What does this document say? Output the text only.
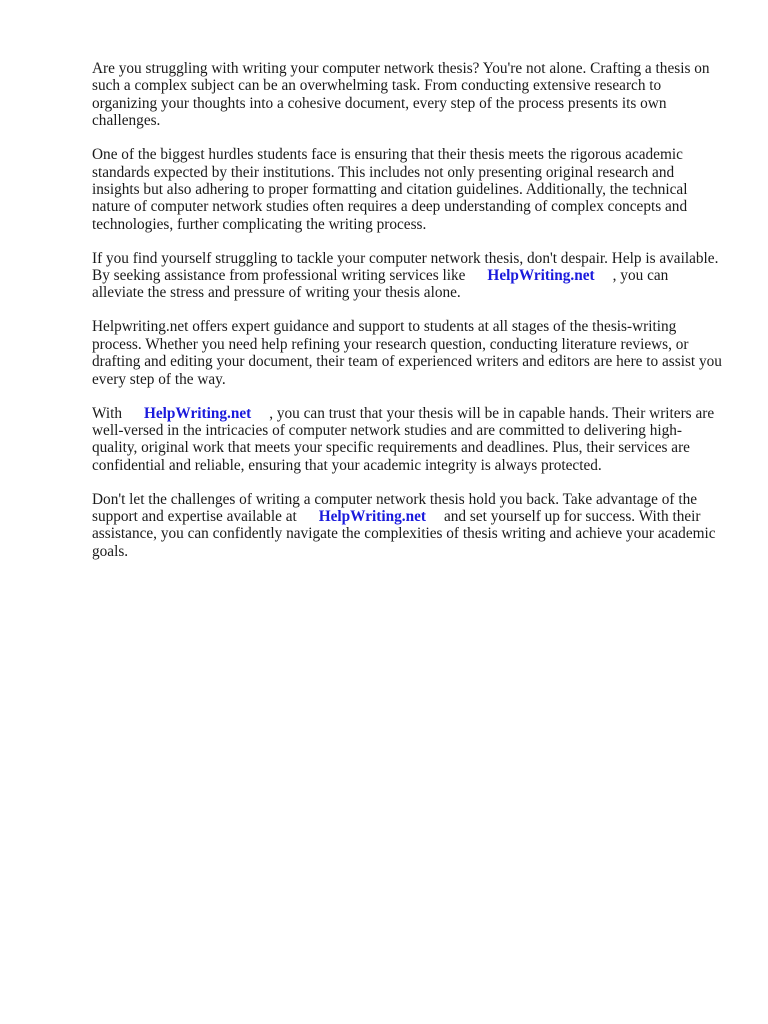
Are you struggling with writing your computer network thesis? You're not alone. Crafting a thesis on such a complex subject can be an overwhelming task. From conducting extensive research to organizing your thoughts into a cohesive document, every step of the process presents its own challenges.

One of the biggest hurdles students face is ensuring that their thesis meets the rigorous academic standards expected by their institutions. This includes not only presenting original research and insights but also adhering to proper formatting and citation guidelines. Additionally, the technical nature of computer network studies often requires a deep understanding of complex concepts and technologies, further complicating the writing process.

If you find yourself struggling to tackle your computer network thesis, don't despair. Help is available. By seeking assistance from professional writing services like HelpWriting.net , you can alleviate the stress and pressure of writing your thesis alone.

Helpwriting.net offers expert guidance and support to students at all stages of the thesis-writing process. Whether you need help refining your research question, conducting literature reviews, or drafting and editing your document, their team of experienced writers and editors are here to assist you every step of the way.

With HelpWriting.net , you can trust that your thesis will be in capable hands. Their writers are well-versed in the intricacies of computer network studies and are committed to delivering high-quality, original work that meets your specific requirements and deadlines. Plus, their services are confidential and reliable, ensuring that your academic integrity is always protected.

Don't let the challenges of writing a computer network thesis hold you back. Take advantage of the support and expertise available at HelpWriting.net and set yourself up for success. With their assistance, you can confidently navigate the complexities of thesis writing and achieve your academic goals.
